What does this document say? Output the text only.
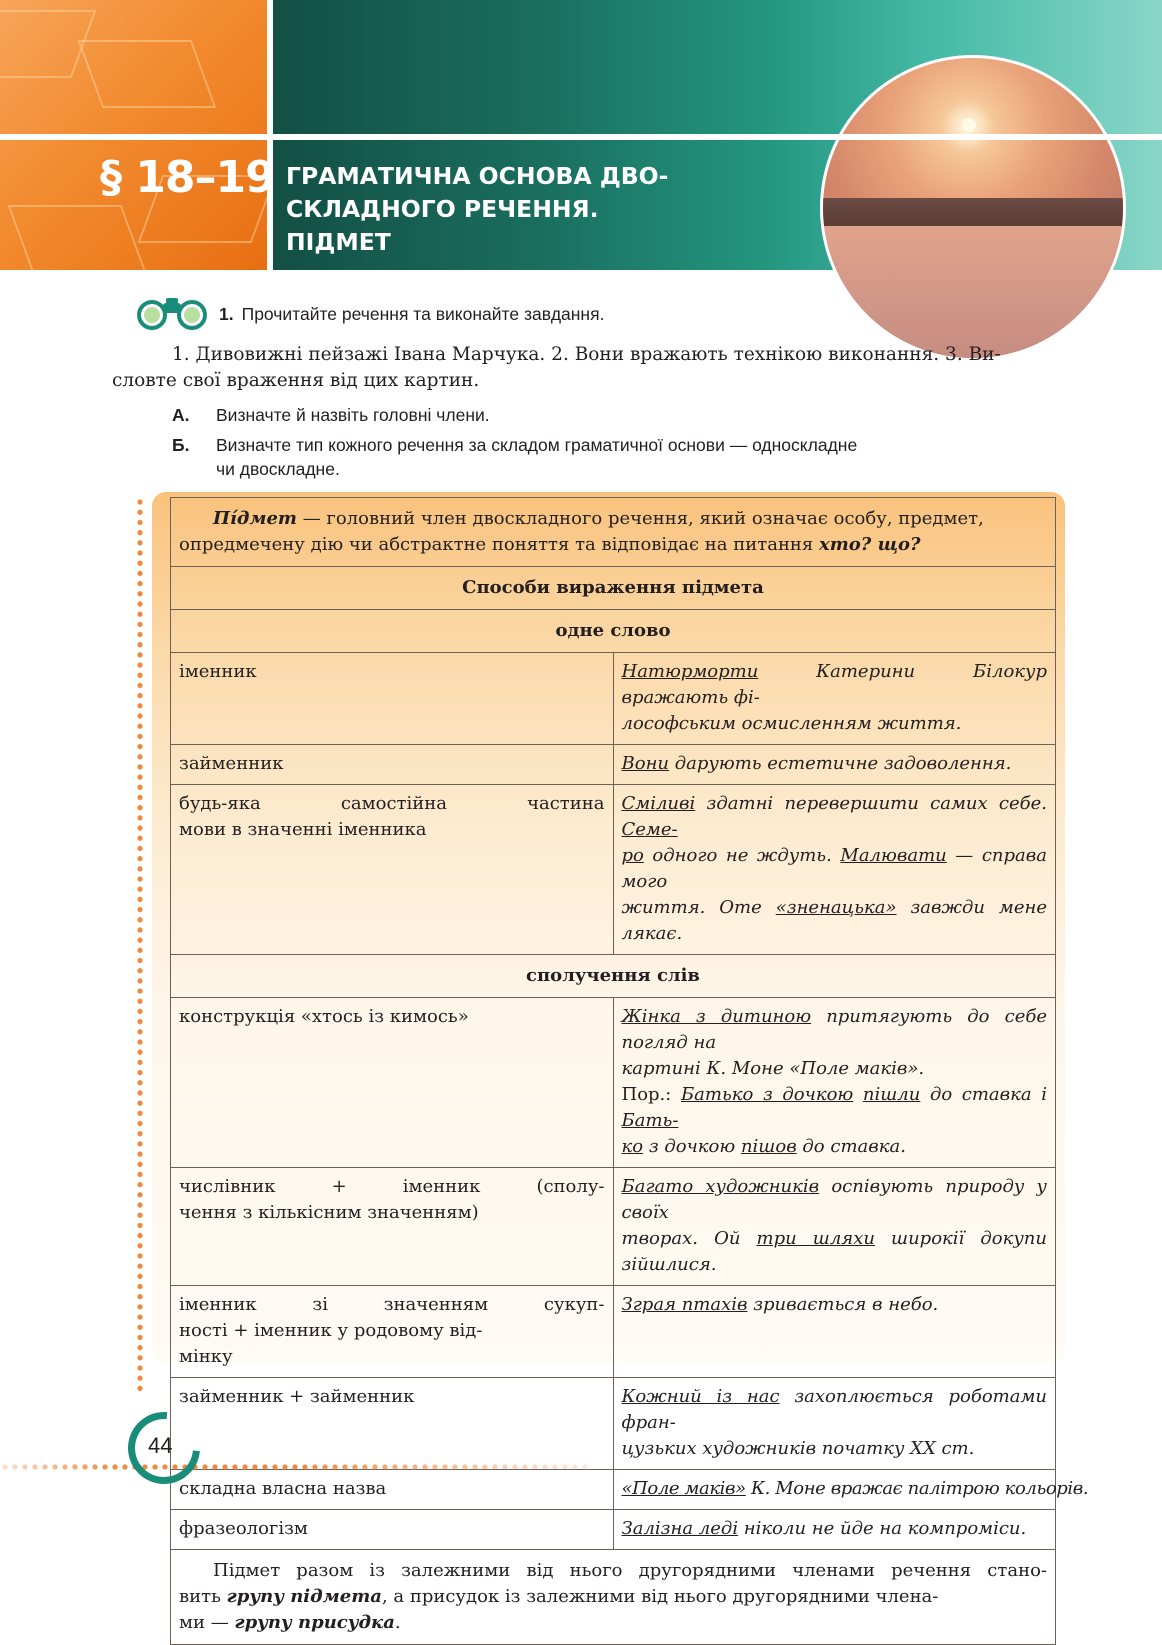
§ 18–19 ГРАМАТИЧНА ОСНОВА ДВО-
СКЛАДНОГО РЕЧЕННЯ.
ПІДМЕТ
1. Прочитайте речення та виконайте завдання.

1. Дивовижні пейзажі Івана Марчука. 2. Вони вражають технікою виконання. 3. Ви-
словте свої враження від цих картин.

А. Визначте й назвіть головні члени.
Б. Визначте тип кожного речення за складом граматичної основи — односкладне
чи двоскладне.
Пі́дмет — головний член двоскладного речення, який означає особу, предмет,
опредмечену дію чи абстрактне поняття та відповідає на питання хто? що?	
Способи вираження підмета	
одне слово	
іменник	Натюрморти Катерини Білокур вражають фі-
лософським осмисленням життя.
займенник	Вони дарують естетичне задоволення.

будь-яка самостійна частина
мови в значенні іменника	Сміливі здатні перевершити самих себе. Семе-
ро одного не ждуть. Малювати — справа мого
життя. Оте «зненацька» завжди мене лякає.
сполучення слів	
конструкція «хтось із кимось»	Жінка з дитиною притягують до себе погляд на
картині К. Моне «Поле маків».
Пор.: Батько з дочкою пішли до ставка і Бать-
ко з дочкою пішов до ставка.

числівник + іменник (сполу-
чення з кількісним значенням)	Багато художників оспівують природу у своїх
творах. Ой три шляхи широкії докупи зійшлися.

іменник зі значенням сукуп-
ності + іменник у родовому від-
мінку	Зграя птахів зривається в небо.
займенник + займенник	Кожний із нас захоплюється роботами фран-
цузьких художників початку XX ст.
складна власна назва	«Поле маків» К. Моне вражає палітрою кольорів.
фразеологізм	Залізна леді ніколи не йде на компроміси.

Підмет разом із залежними від нього другорядними членами речення стано-
вить групу підмета, а присудок із залежними від нього другорядними члена-
ми — групу присудка.	
44
